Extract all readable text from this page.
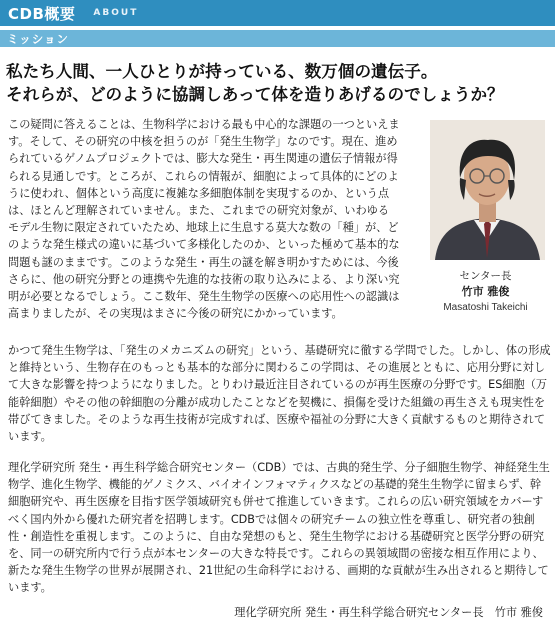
CDB概要 ABOUT
ミッション
私たち人間、一人ひとりが持っている、数万個の遺伝子。
それらが、どのように協調しあって体を造りあげるのでしょうか？

この疑問に答えることは、生物科学における最も中心的な課題の一つといえます。そして、その研究の中核を担うのが「発生生物学」なのです。現在、進められているゲノムプロジェクトでは、膨大な発生・再生関連の遺伝子情報が得られる見通しです。ところが、これらの情報が、細胞によって具体的にどのように使われ、個体という高度に複雑な多細胞体制を実現するのか、という点は、ほとんど理解されていません。また、これまでの研究対象が、いわゆるモデル生物に限定されていたため、地球上に生息する莫大な数の「種」が、どのような発生様式の違いに基づいて多様化したのか、といった極めて基本的な問題も謎のままです。このような発生・再生の謎を解き明かすためには、今後さらに、他の研究分野との連携や先進的な技術の取り込みによる、より深い究明が必要となるでしょう。ここ数年、発生生物学の医療への応用性への認識は高まりましたが、その実現はまさに今後の研究にかかっています。

センター長
竹市 雅俊
Masatoshi Takeichi

かつて発生生物学は、「発生のメカニズムの研究」という、基礎研究に徹する学問でした。しかし、体の形成と維持という、生物存在のもっとも基本的な部分に関わるこの学問は、その進展とともに、応用分野に対して大きな影響を持つようになりました。とりわけ最近注目されているのが再生医療の分野です。ES細胞（万能幹細胞）やその他の幹細胞の分離が成功したことなどを契機に、損傷を受けた組織の再生さえも現実性を帯びてきました。そのような再生技術が完成すれば、医療や福祉の分野に大きく貢献するものと期待されています。

理化学研究所 発生・再生科学総合研究センター（CDB）では、古典的発生学、分子細胞生物学、神経発生生物学、進化生物学、機能的ゲノミクス、バイオインフォマティクスなどの基礎的発生生物学に留まらず、幹細胞研究や、再生医療を目指す医学領域研究も併せて推進していきます。これらの広い研究領域をカバーすべく国内外から優れた研究者を招聘します。CDBでは個々の研究チームの独立性を尊重し、研究者の独創性・創造性を重視します。このように、自由な発想のもと、発生生物学における基礎研究と医学分野の研究を、同一の研究所内で行う点が本センターの大きな特長です。これらの異領域間の密接な相互作用により、新たな発生生物学の世界が展開され、21世紀の生命科学における、画期的な貢献が生み出されると期待しています。

理化学研究所 発生・再生科学総合研究センター長　竹市 雅俊
